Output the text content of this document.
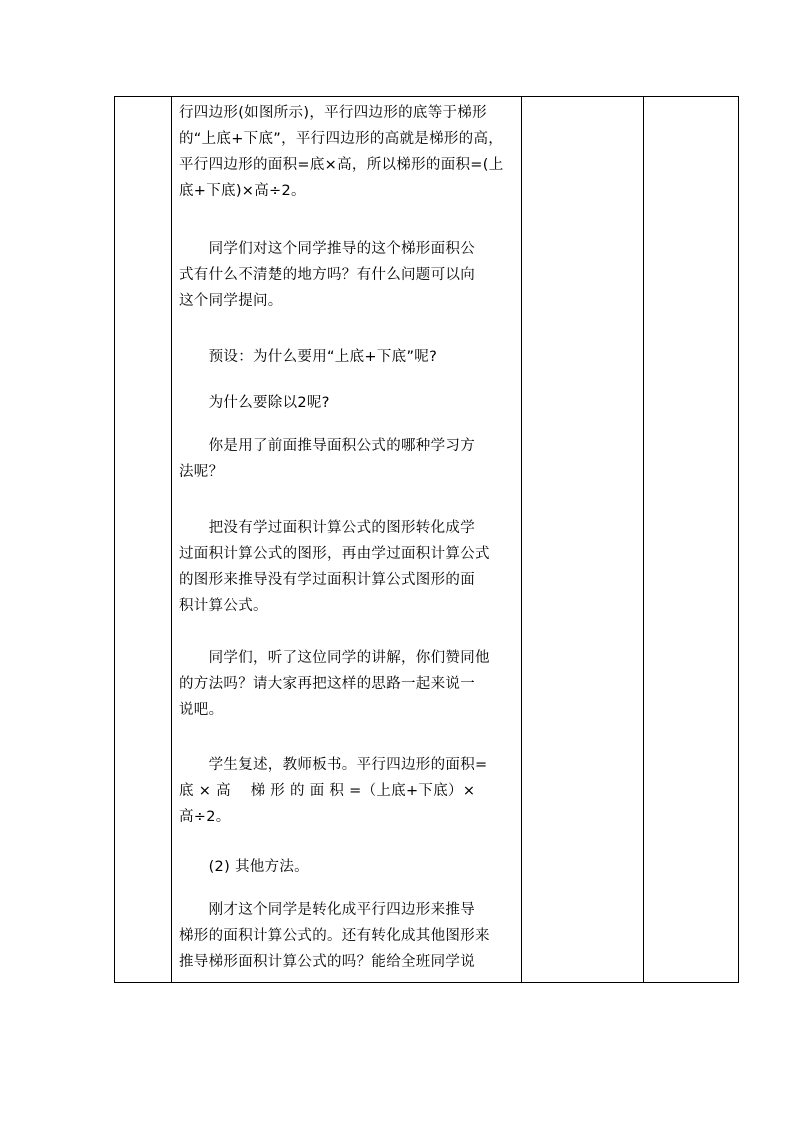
行四边形(如图所示)，平行四边形的底等于梯形
的“上底+下底”，平行四边形的高就是梯形的高，
平行四边形的面积=底×高，所以梯形的面积=(上
底+下底)×高÷2。
　　同学们对这个同学推导的这个梯形面积公
式有什么不清楚的地方吗？有什么问题可以向
这个同学提问。
　　预设：为什么要用“上底+下底”呢?
　　为什么要除以2呢?
　　你是用了前面推导面积公式的哪种学习方
法呢？
　　把没有学过面积计算公式的图形转化成学
过面积计算公式的图形，再由学过面积计算公式
的图形来推导没有学过面积计算公式图形的面
积计算公式。
　　同学们，听了这位同学的讲解，你们赞同他
的方法吗？请大家再把这样的思路一起来说一
说吧。
　　学生复述，教师板书。平行四边形的面积=
底 × 高　 梯 形 的 面 积 =（上底+下底）×
高÷2。
　　(2) 其他方法。
　　刚才这个同学是转化成平行四边形来推导
梯形的面积计算公式的。还有转化成其他图形来
推导梯形面积计算公式的吗？能给全班同学说
